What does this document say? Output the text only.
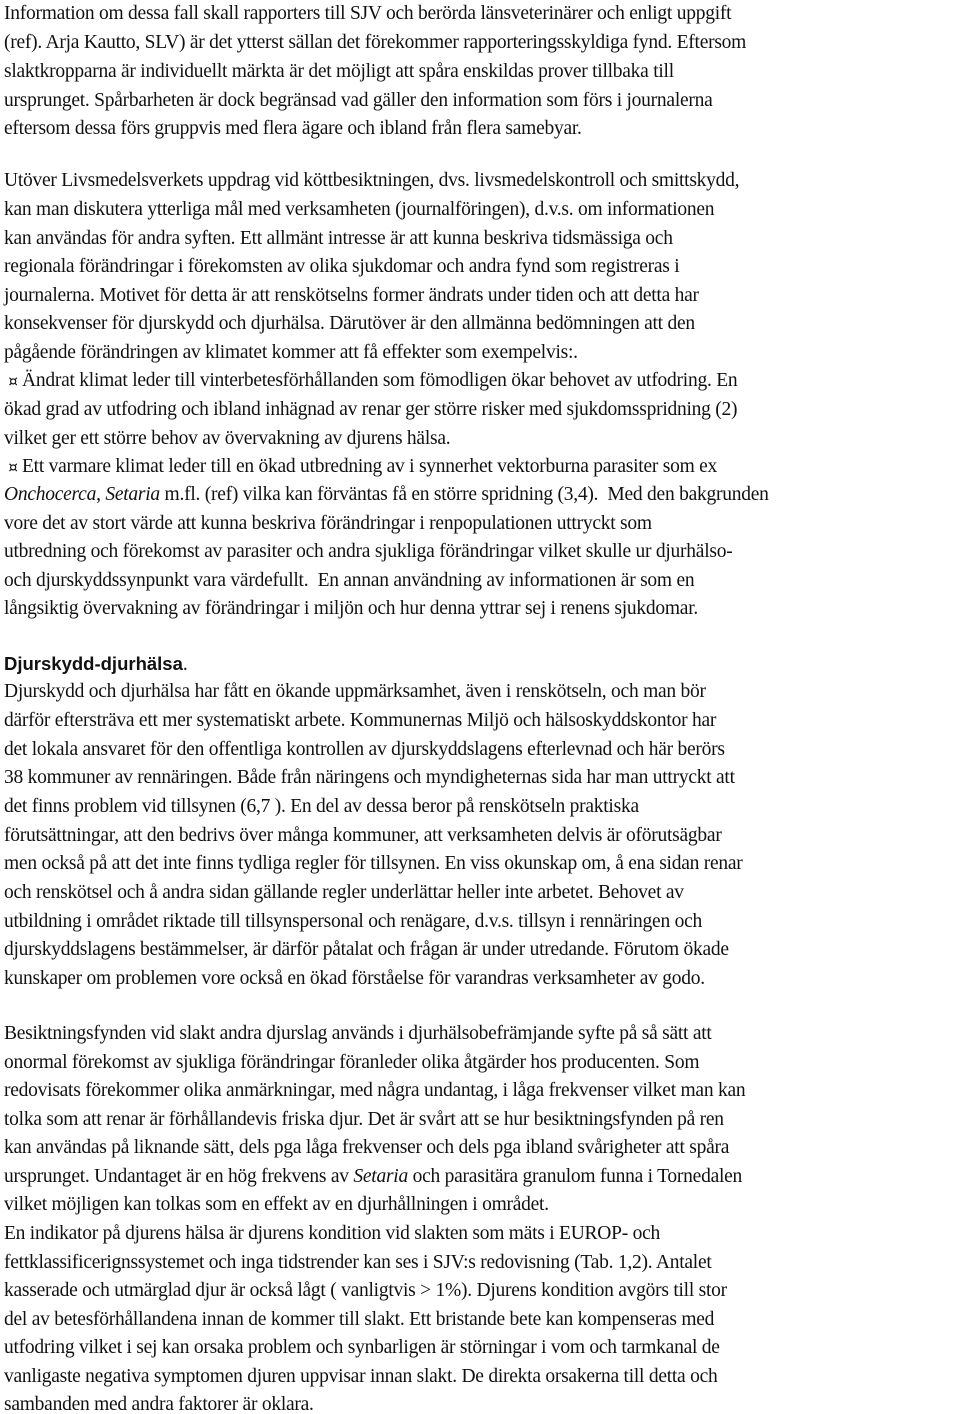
Information om dessa fall skall rapporters till SJV och berörda länsveterinärer och enligt uppgift
(ref). Arja Kautto, SLV) är det ytterst sällan det förekommer rapporteringsskyldiga fynd. Eftersom
slaktkropparna är individuellt märkta är det möjligt att spåra enskildas prover tillbaka till
ursprunget. Spårbarheten är dock begränsad vad gäller den information som förs i journalerna
eftersom dessa förs gruppvis med flera ägare och ibland från flera samebyar.
Utöver Livsmedelsverkets uppdrag vid köttbesiktningen, dvs. livsmedelskontroll och smittskydd,
kan man diskutera ytterliga mål med verksamheten (journalföringen), d.v.s. om informationen
kan användas för andra syften. Ett allmänt intresse är att kunna beskriva tidsmässiga och
regionala förändringar i förekomsten av olika sjukdomar och andra fynd som registreras i
journalerna. Motivet för detta är att renskötselns former ändrats under tiden och att detta har
konsekvenser för djurskydd och djurhälsa. Därutöver är den allmänna bedömningen att den
pågående förändringen av klimatet kommer att få effekter som exempelvis:.
¤ Ändrat klimat leder till vinterbetesförhållanden som fömodligen ökar behovet av utfodring. En
ökad grad av utfodring och ibland inhägnad av renar ger större risker med sjukdomsspridning (2)
vilket ger ett större behov av övervakning av djurens hälsa.
¤ Ett varmare klimat leder till en ökad utbredning av i synnerhet vektorburna parasiter som ex
Onchocerca, Setaria m.fl. (ref) vilka kan förväntas få en större spridning (3,4).  Med den bakgrunden
vore det av stort värde att kunna beskriva förändringar i renpopulationen uttryckt som
utbredning och förekomst av parasiter och andra sjukliga förändringar vilket skulle ur djurhälso-
och djurskyddssynpunkt vara värdefullt.  En annan användning av informationen är som en
långsiktig övervakning av förändringar i miljön och hur denna yttrar sej i renens sjukdomar.
Djurskydd-djurhälsa.
Djurskydd och djurhälsa har fått en ökande uppmärksamhet, även i renskötseln, och man bör
därför eftersträva ett mer systematiskt arbete. Kommunernas Miljö och hälsoskyddskontor har
det lokala ansvaret för den offentliga kontrollen av djurskyddslagens efterlevnad och här berörs
38 kommuner av rennäringen. Både från näringens och myndigheternas sida har man uttryckt att
det finns problem vid tillsynen (6,7 ). En del av dessa beror på renskötseln praktiska
förutsättningar, att den bedrivs över många kommuner, att verksamheten delvis är oförutsägbar
men också på att det inte finns tydliga regler för tillsynen. En viss okunskap om, å ena sidan renar
och renskötsel och å andra sidan gällande regler underlättar heller inte arbetet. Behovet av
utbildning i området riktade till tillsynspersonal och renägare, d.v.s. tillsyn i rennäringen och
djurskyddslagens bestämmelser, är därför påtalat och frågan är under utredande. Förutom ökade
kunskaper om problemen vore också en ökad förståelse för varandras verksamheter av godo.
Besiktningsfynden vid slakt andra djurslag används i djurhälsobefrämjande syfte på så sätt att
onormal förekomst av sjukliga förändringar föranleder olika åtgärder hos producenten. Som
redovisats förekommer olika anmärkningar, med några undantag, i låga frekvenser vilket man kan
tolka som att renar är förhållandevis friska djur. Det är svårt att se hur besiktningsfynden på ren
kan användas på liknande sätt, dels pga låga frekvenser och dels pga ibland svårigheter att spåra
ursprunget. Undantaget är en hög frekvens av Setaria och parasitära granulom funna i Tornedalen
vilket möjligen kan tolkas som en effekt av en djurhållningen i området.
En indikator på djurens hälsa är djurens kondition vid slakten som mäts i EUROP- och
fettklassificerignssystemet och inga tidstrender kan ses i SJV:s redovisning (Tab. 1,2). Antalet
kasserade och utmärglad djur är också lågt ( vanligtvis > 1%). Djurens kondition avgörs till stor
del av betesförhållandena innan de kommer till slakt. Ett bristande bete kan kompenseras med
utfodring vilket i sej kan orsaka problem och synbarligen är störningar i vom och tarmkanal de
vanligaste negativa symptomen djuren uppvisar innan slakt. De direkta orsakerna till detta och
sambanden med andra faktorer är oklara.
